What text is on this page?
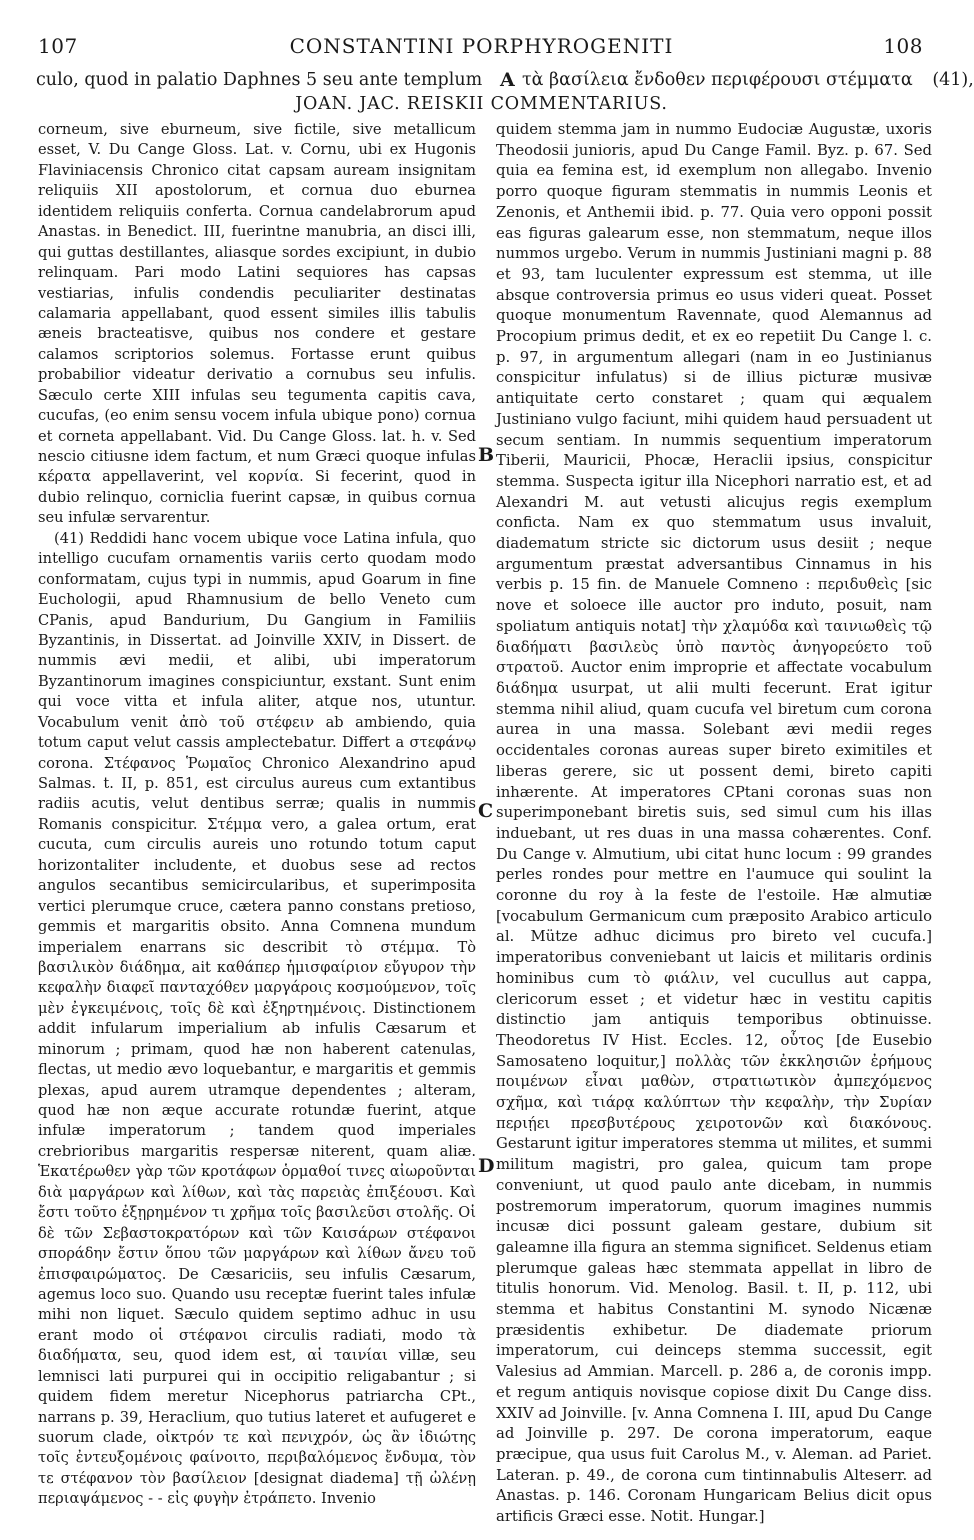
107	CONSTANTINI PORPHYROGENITI	108
culo, quod in palatio Daphnes 5 seu ante templum A τὰ βασίλεια ἔνδοθεν περιφέρουσι στέμματα (41),
JOAN. JAC. REISKII COMMENTARIUS.

corneum, sive eburneum, sive fictile, sive metallicum esset, V. Du Cange Gloss. Lat. v. Cornu, ubi ex Hugonis Flaviniacensis Chronico citat capsam auream insignitam reliquiis XII apostolorum, et cornua duo eburnea identidem reliquiis conferta. Cornua candelabrorum apud Anastas. in Benedict. III, fuerintne manubria, an disci illi, qui guttas destillantes, aliasque sordes excipiunt, in dubio relinquam. Pari modo Latini sequiores has capsas vestiarias, infulis condendis peculiariter destinatas calamaria appellabant, quod essent similes illis tabulis æneis bracteatisve, quibus nos condere et gestare calamos scriptorios solemus. Fortasse erunt quibus probabilior videatur derivatio a cornubus seu infulis. Sæculo certe XIII infulas seu tegumenta capitis cava, cucufas, (eo enim sensu vocem infula ubique pono) cornua et corneta appellabant. Vid. Du Cange Gloss. lat. h. v. Sed nescio citiusne idem factum, et num Græci quoque infulas κέρατα appellaverint, vel κορνία. Si fecerint, quod in dubio relinquo, corniclia fuerint capsæ, in quibus cornua seu infulæ servarentur.

(41) Reddidi hanc vocem ubique voce Latina infula, quo intelligo cucufam ornamentis variis certo quodam modo conformatam, cujus typi in nummis, apud Goarum in fine Euchologii, apud Rhamnusium de bello Veneto cum CPanis, apud Bandurium, Du Gangium in Familiis Byzantinis, in Dissertat. ad Joinville XXIV, in Dissert. de nummis ævi medii, et alibi, ubi imperatorum Byzantinorum imagines conspiciuntur, exstant. Sunt enim qui voce vitta et infula aliter, atque nos, utuntur. Vocabulum venit ἀπὸ τοῦ στέφειν ab ambiendo, quia totum caput velut cassis amplectebatur. Differt a στεφάνῳ corona. Στέφανος Ῥωμαῖος Chronico Alexandrino apud Salmas. t. II, p. 851, est circulus aureus cum extantibus radiis acutis, velut dentibus serræ; qualis in nummis Romanis conspicitur. Στέμμα vero, a galea ortum, erat cucuta, cum circulis aureis uno rotundo totum caput horizontaliter includente, et duobus sese ad rectos angulos secantibus semicircularibus, et superimposita vertici plerumque cruce, cætera panno constans pretioso, gemmis et margaritis obsito. Anna Comnena mundum imperialem enarrans sic describit τὸ στέμμα. Τὸ βασιλικὸν διάδημα, ait καθάπερ ἡμισφαίριον εὔγυρον τὴν κεφαλὴν διαφεῖ πανταχόθεν μαργάροις κοσμούμενον, τοῖς μὲν ἐγκειμένοις, τοῖς δὲ καὶ ἐξηρτημένοις. Distinctionem addit infularum imperialium ab infulis Cæsarum et minorum ; primam, quod hæ non haberent catenulas, flectas, ut medio ævo loquebantur, e margaritis et gemmis plexas, apud aurem utramque dependentes ; alteram, quod hæ non æque accurate rotundæ fuerint, atque infulæ imperatorum ; tandem quod imperiales crebrioribus margaritis respersæ niterent, quam aliæ. Ἑκατέρωθεν γὰρ τῶν κροτάφων ὁρμαθοί τινες αἰωροῦνται διὰ μαργάρων καὶ λίθων, καὶ τὰς παρειὰς ἐπιξέουσι. Καὶ ἔστι τοῦτο ἐξῃρημένον τι χρῆμα τοῖς βασιλεῦσι στολῆς. Οἱ δὲ τῶν Σεβαστοκρατόρων καὶ τῶν Καισάρων στέφανοι σποράδην ἔστιν ὅπου τῶν μαργάρων καὶ λίθων ἄνευ τοῦ ἐπισφαιρώματος. De Cæsariciis, seu infulis Cæsarum, agemus loco suo. Quando usu receptæ fuerint tales infulæ mihi non liquet. Sæculo quidem septimo adhuc in usu erant modo οἱ στέφανοι circulis radiati, modo τὰ διαδήματα, seu, quod idem est, αἱ ταινίαι villæ, seu lemnisci lati purpurei qui in occipitio religabantur ; si quidem fidem meretur Nicephorus patriarcha CPt., narrans p. 39, Heraclium, quo tutius lateret et aufugeret e suorum clade, οἰκτρόν τε καὶ πενιχρόν, ὡς ἂν ἰδιώτης τοῖς ἐντευξομένοις φαίνοιτο, περιβαλόμενος ἔνδυμα, τὸν τε στέφανον τὸν βασίλειον [designat diadema] τῇ ὠλένῃ περιαψάμενος - - εἰς φυγὴν ἐτράπετο. Invenio

B
C
D

quidem stemma jam in nummo Eudociæ Augustæ, uxoris Theodosii junioris, apud Du Cange Famil. Byz. p. 67. Sed quia ea femina est, id exemplum non allegabo. Invenio porro quoque figuram stemmatis in nummis Leonis et Zenonis, et Anthemii ibid. p. 77. Quia vero opponi possit eas figuras galearum esse, non stemmatum, neque illos nummos urgebo. Verum in nummis Justiniani magni p. 88 et 93, tam luculenter expressum est stemma, ut ille absque controversia primus eo usus videri queat. Posset quoque monumentum Ravennate, quod Alemannus ad Procopium primus dedit, et ex eo repetiit Du Cange l. c. p. 97, in argumentum allegari (nam in eo Justinianus conspicitur infulatus) si de illius picturæ musivæ antiquitate certo constaret ; quam qui æqualem Justiniano vulgo faciunt, mihi quidem haud persuadent ut secum sentiam. In nummis sequentium imperatorum Tiberii, Mauricii, Phocæ, Heraclii ipsius, conspicitur stemma. Suspecta igitur illa Nicephori narratio est, et ad Alexandri M. aut vetusti alicujus regis exemplum conficta. Nam ex quo stemmatum usus invaluit, diadematum stricte sic dictorum usus desiit ; neque argumentum præstat adversantibus Cinnamus in his verbis p. 15 fin. de Manuele Comneno : περιδυθεὶς [sic nove et soloece ille auctor pro induto, posuit, nam spoliatum antiquis notat] τὴν χλαμύδα καὶ ταινιωθεὶς τῷ διαδήματι βασιλεὺς ὑπὸ παντὸς ἀνηγορεύετο τοῦ στρατοῦ. Auctor enim improprie et affectate vocabulum διάδημα usurpat, ut alii multi fecerunt. Erat igitur stemma nihil aliud, quam cucufa vel biretum cum corona aurea in una massa. Solebant ævi medii reges occidentales coronas aureas super bireto eximitiles et liberas gerere, sic ut possent demi, bireto capiti inhærente. At imperatores CPtani coronas suas non superimponebant biretis suis, sed simul cum his illas induebant, ut res duas in una massa cohærentes. Conf. Du Cange v. Almutium, ubi citat hunc locum : 99 grandes perles rondes pour mettre en l'aumuce qui soulint la coronne du roy à la feste de l'estoile. Hæ almutiæ [vocabulum Germanicum cum præposito Arabico articulo al. Mütze adhuc dicimus pro bireto vel cucufa.] imperatoribus conveniebant ut laicis et militaris ordinis hominibus cum τὸ φιάλιν, vel cucullus aut cappa, clericorum esset ; et videtur hæc in vestitu capitis distinctio jam antiquis temporibus obtinuisse. Theodoretus IV Hist. Eccles. 12, οὗτος [de Eusebio Samosateno loquitur,] πολλὰς τῶν ἐκκλησιῶν ἐρήμους ποιμένων εἶναι μαθὼν, στρατιωτικὸν ἀμπεχόμενος σχῆμα, καὶ τιάρᾳ καλύπτων τὴν κεφαλὴν, τὴν Συρίαν περιῄει πρεσβυτέρους χειροτονῶν καὶ διακόνους. Gestarunt igitur imperatores stemma ut milites, et summi militum magistri, pro galea, quicum tam prope conveniunt, ut quod paulo ante dicebam, in nummis postremorum imperatorum, quorum imagines nummis incusæ dici possunt galeam gestare, dubium sit galeamne illa figura an stemma significet. Seldenus etiam plerumque galeas hæc stemmata appellat in libro de titulis honorum. Vid. Menolog. Basil. t. II, p. 112, ubi stemma et habitus Constantini M. synodo Nicænæ præsidentis exhibetur. De diademate priorum imperatorum, cui deinceps stemma successit, egit Valesius ad Ammian. Marcell. p. 286 a, de coronis impp. et regum antiquis novisque copiose dixit Du Cange diss. XXIV ad Joinville. [v. Anna Comnena I. III, apud Du Cange ad Joinville p. 297. De corona imperatorum, eaque præcipue, qua usus fuit Carolus M., v. Aleman. ad Pariet. Lateran. p. 49., de corona cum tintinnabulis Alteserr. ad Anastas. p. 146. Coronam Hungaricam Belius dicit opus artificis Græci esse. Notit. Hungar.]
